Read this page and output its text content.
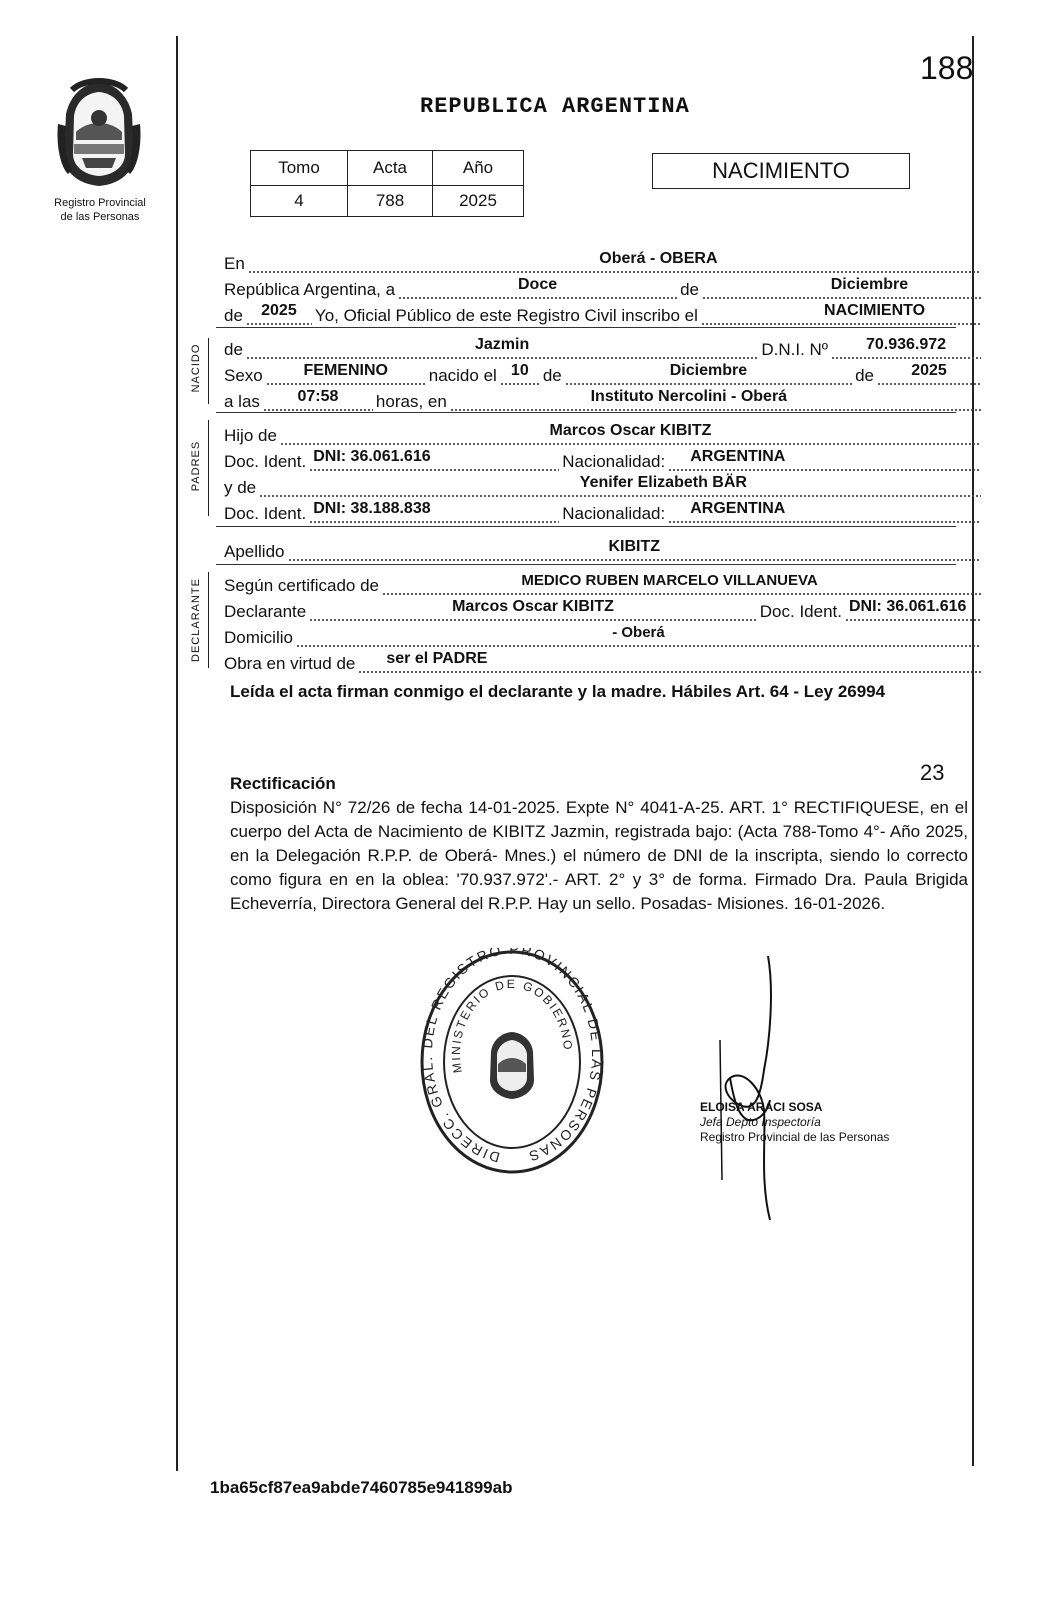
188
Registro Provincial
de las Personas
REPUBLICA ARGENTINA
Tomo	Acta	Año
4	788	2025
NACIMIENTO
En	Oberá - OBERA
República Argentina, a	Doce	de	Diciembre
de 2025 Yo, Oficial Público de este Registro Civil inscribo el	NACIMIENTO
NACIDO de	Jazmin	D.N.I. Nº 70.936.972
Sexo	FEMENINO nacido el 10 de	Diciembre	de 2025
a las 07:58 horas, en	Instituto Nercolini - Oberá
PADRES
Hijo de	Marcos Oscar KIBITZ
Doc. Ident. DNI: 36.061.616	Nacionalidad: ARGENTINA
y de	Yenifer Elizabeth BÄR
Doc. Ident. DNI: 38.188.838	Nacionalidad: ARGENTINA
Apellido	KIBITZ
DECLARANTE Según certificado de	MEDICO RUBEN MARCELO VILLANUEVA
Declarante	Marcos Oscar KIBITZ	Doc. Ident. DNI: 36.061.616
Domicilio	- Oberá
Obra en virtud de ser el PADRE
Leída el acta firman conmigo el declarante y la madre. Hábiles Art. 64 - Ley 26994
23
Rectificación
Disposición N° 72/26 de fecha 14-01-2025. Expte N° 4041-A-25. ART. 1° RECTIFIQUESE, en el cuerpo del Acta de Nacimiento de KIBITZ Jazmin, registrada bajo: (Acta 788-Tomo 4°- Año 2025, en la Delegación R.P.P. de Oberá- Mnes.) el número de DNI de la inscripta, siendo lo correcto como figura en en la oblea: '70.937.972'.- ART. 2° y 3° de forma. Firmado Dra. Paula Brigida Echeverría, Directora General del R.P.P. Hay un sello. Posadas- Misiones. 16-01-2026.
DIRECC. GRAL. DEL REGISTRO PROVINCIAL DE LAS PERSONAS
MINISTERIO DE GOBIERNO
ELOISA ARACI SOSA
Jefa Depto Inspectoría
Registro Provincial de las Personas
1ba65cf87ea9abde7460785e941899ab
